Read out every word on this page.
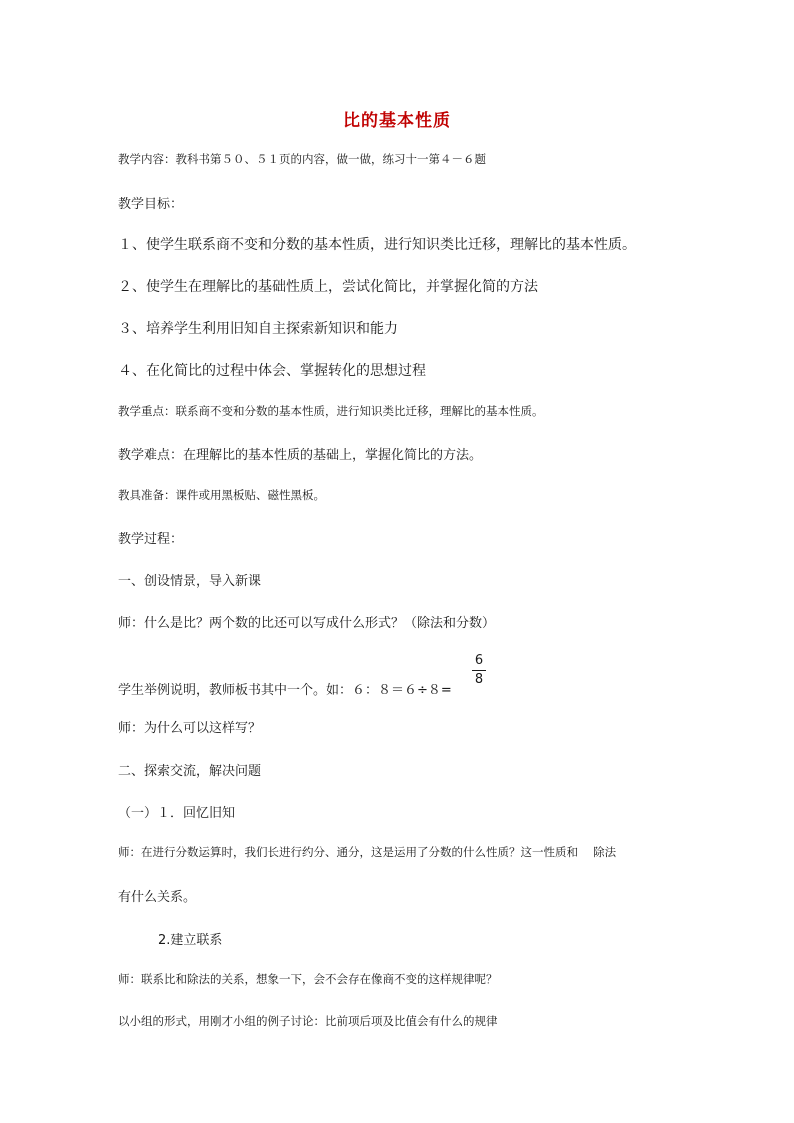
比的基本性质
教学内容：教科书第５０、５１页的内容，做一做，练习十一第４－６题
教学目标：
１、使学生联系商不变和分数的基本性质，进行知识类比迁移，理解比的基本性质。
２、使学生在理解比的基础性质上，尝试化简比，并掌握化简的方法
３、培养学生利用旧知自主探索新知识和能力
４、在化简比的过程中体会、掌握转化的思想过程
教学重点：联系商不变和分数的基本性质，进行知识类比迁移，理解比的基本性质。
教学难点：在理解比的基本性质的基础上，掌握化简比的方法。
教具准备：课件或用黑板贴、磁性黑板。
教学过程：
一、创设情景，导入新课
师：什么是比？两个数的比还可以写成什么形式？（除法和分数）
学生举例说明，教师板书其中一个。如：６：８＝６÷８=
6
8
师：为什么可以这样写？
二、探索交流，解决问题
（一）１．回忆旧知
师：在进行分数运算时，我们长进行约分、通分，这是运用了分数的什么性质？这一性质和　 除法
有什么关系。
2.建立联系
师：联系比和除法的关系，想象一下，会不会存在像商不变的这样规律呢？
以小组的形式，用刚才小组的例子讨论：比前项后项及比值会有什么的规律
